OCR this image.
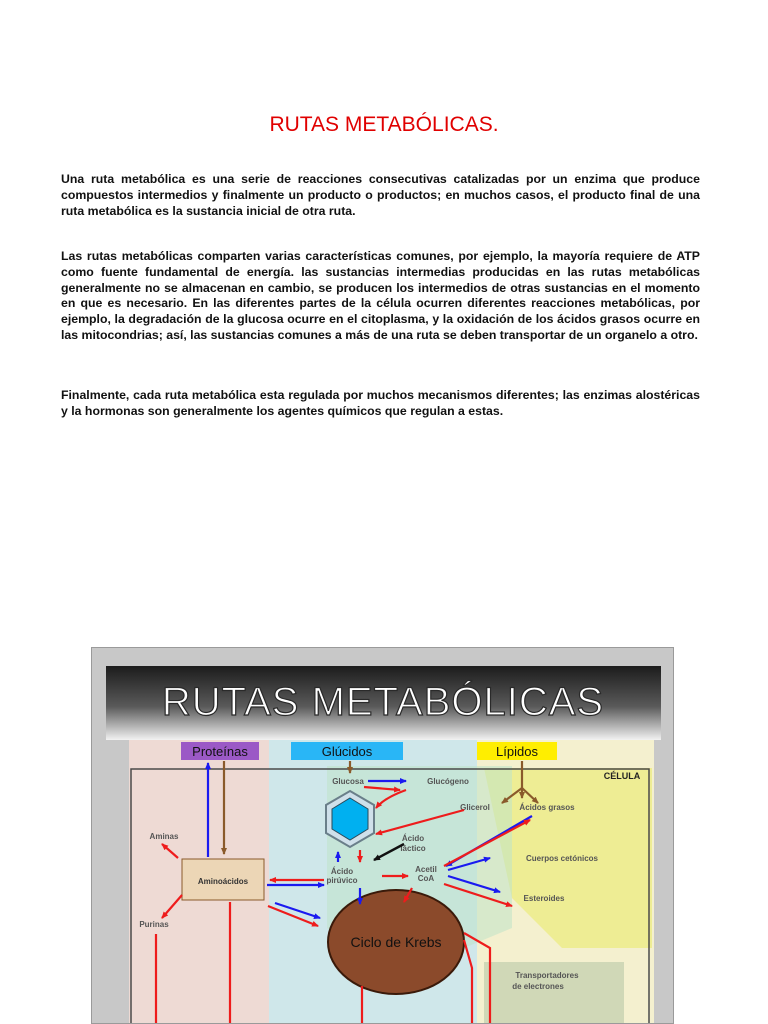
RUTAS METABÓLICAS.

Una ruta metabólica es una serie de reacciones consecutivas catalizadas por un enzima que produce compuestos intermedios y finalmente un producto o productos; en muchos casos, el producto final de una ruta metabólica es la sustancia inicial de otra ruta.

Las rutas metabólicas comparten varias características comunes, por ejemplo, la mayoría requiere de ATP como fuente fundamental de energía. las sustancias intermedias producidas en las rutas metabólicas generalmente no se almacenan en cambio, se producen los intermedios de otras sustancias en el momento en que es necesario. En las diferentes partes de la célula ocurren diferentes reacciones metabólicas, por ejemplo, la degradación de la glucosa ocurre en el citoplasma, y la oxidación de los ácidos grasos ocurre en las mitocondrias; así, las sustancias comunes a más de una ruta se deben transportar de un organelo a otro.

Finalmente, cada ruta metabólica esta regulada por muchos mecanismos diferentes; las enzimas alostéricas y la hormonas son generalmente los agentes químicos que regulan a estas.

RUTAS METABÓLICAS
CÉLULA
Proteínas	Glúcidos	Lípidos
Aminoácidos
Ciclo de Krebs
Glucosa	Glucógeno
Glicerol	Ácidos grasos
Aminas	Ácido
láctico
Ácido
pirúvico
Acetil
CoA
Cuerpos cetónicos
Esteroides
Purinas
Transportadores
de electrones
